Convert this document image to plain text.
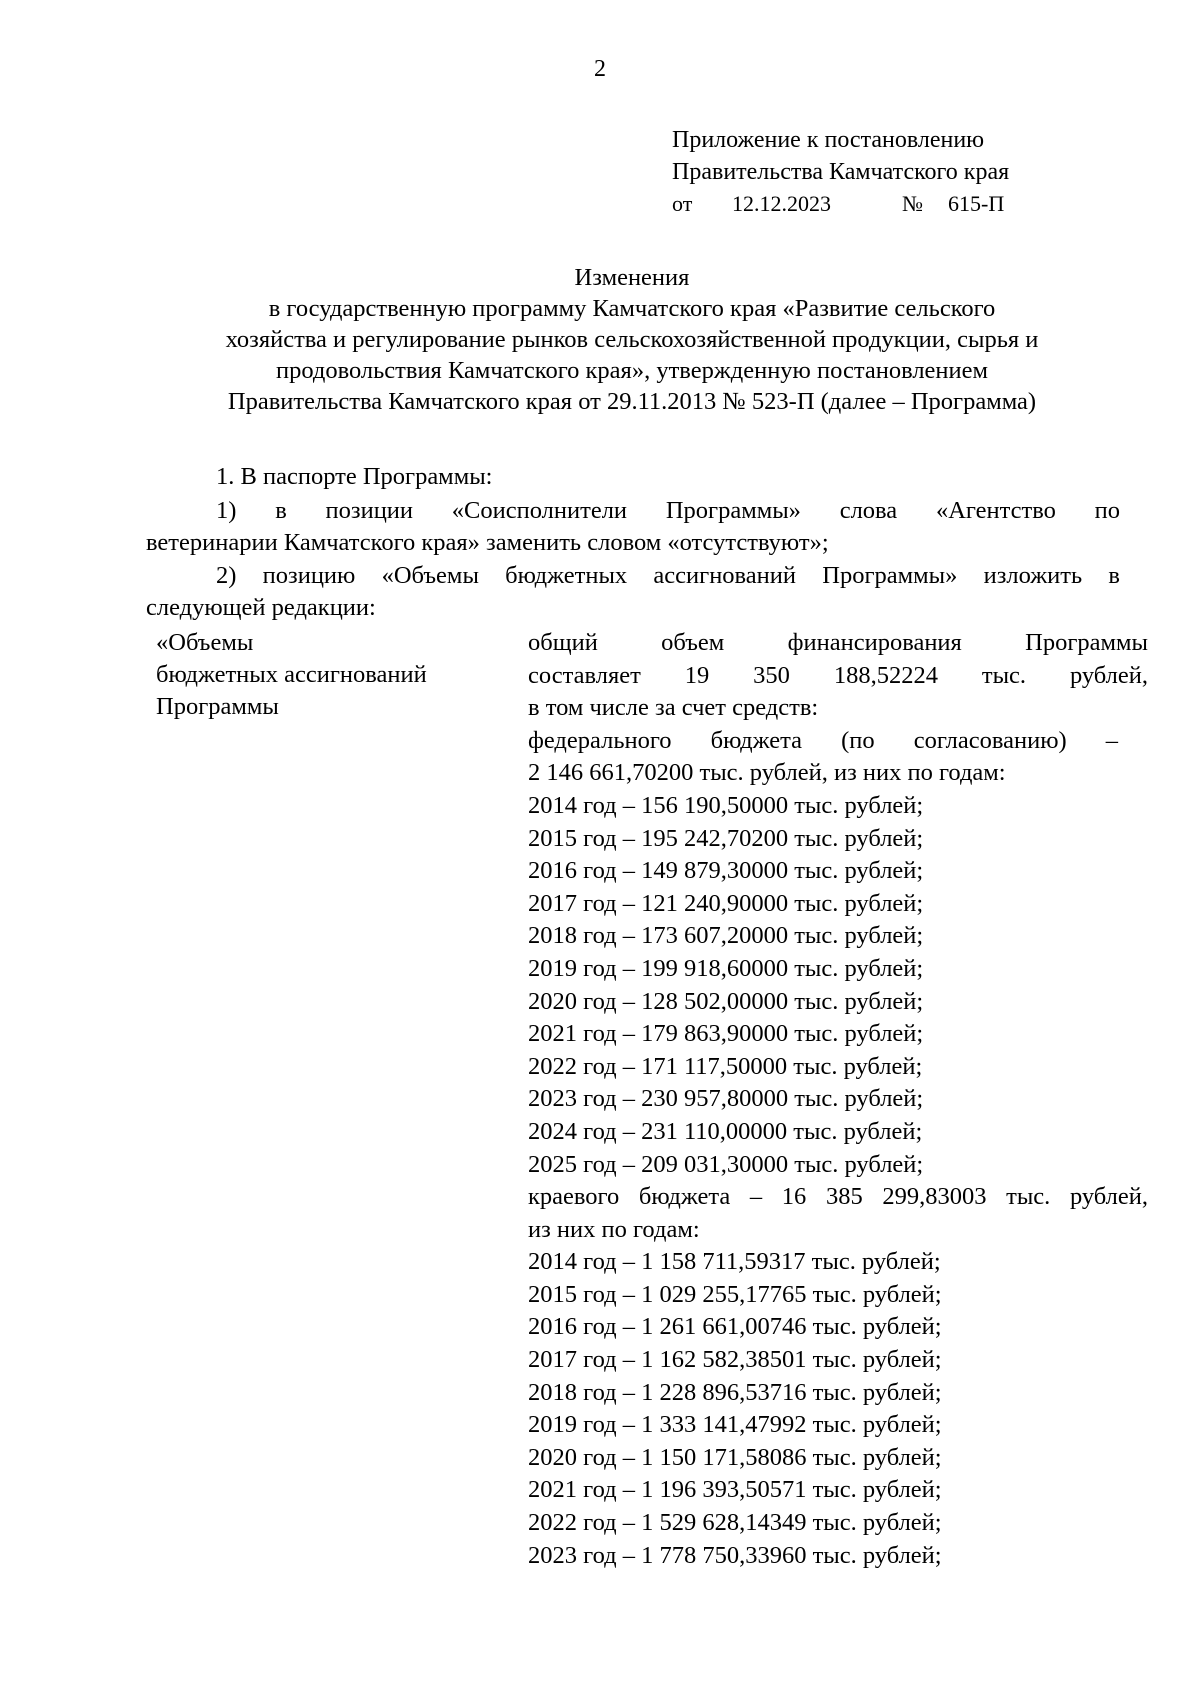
2
Приложение к постановлению
Правительства Камчатского края
от 12.12.2023	№ 615-П
Изменения
в государственную программу Камчатского края «Развитие сельского
хозяйства и регулирование рынков сельскохозяйственной продукции, сырья и
продовольствия Камчатского края», утвержденную постановлением
Правительства Камчатского края от 29.11.2013 № 523-П (далее – Программа)
1. В паспорте Программы:
1) в позиции «Соисполнители Программы» слова «Агентство по
ветеринарии Камчатского края» заменить словом «отсутствуют»;
2) позицию «Объемы бюджетных ассигнований Программы» изложить в
следующей редакции:
«Объемы
бюджетных ассигнований
Программы
общий объем финансирования Программы
составляет 19 350 188,52224 тыс. рублей,
в том числе за счет средств:
федерального бюджета (по согласованию) –
2 146 661,70200 тыс. рублей, из них по годам:
2014 год – 156 190,50000 тыс. рублей;
2015 год – 195 242,70200 тыс. рублей;
2016 год – 149 879,30000 тыс. рублей;
2017 год – 121 240,90000 тыс. рублей;
2018 год – 173 607,20000 тыс. рублей;
2019 год – 199 918,60000 тыс. рублей;
2020 год – 128 502,00000 тыс. рублей;
2021 год – 179 863,90000 тыс. рублей;
2022 год – 171 117,50000 тыс. рублей;
2023 год – 230 957,80000 тыс. рублей;
2024 год – 231 110,00000 тыс. рублей;
2025 год – 209 031,30000 тыс. рублей;
краевого бюджета – 16 385 299,83003 тыс. рублей,
из них по годам:
2014 год – 1 158 711,59317 тыс. рублей;
2015 год – 1 029 255,17765 тыс. рублей;
2016 год – 1 261 661,00746 тыс. рублей;
2017 год – 1 162 582,38501 тыс. рублей;
2018 год – 1 228 896,53716 тыс. рублей;
2019 год – 1 333 141,47992 тыс. рублей;
2020 год – 1 150 171,58086 тыс. рублей;
2021 год – 1 196 393,50571 тыс. рублей;
2022 год – 1 529 628,14349 тыс. рублей;
2023 год – 1 778 750,33960 тыс. рублей;
